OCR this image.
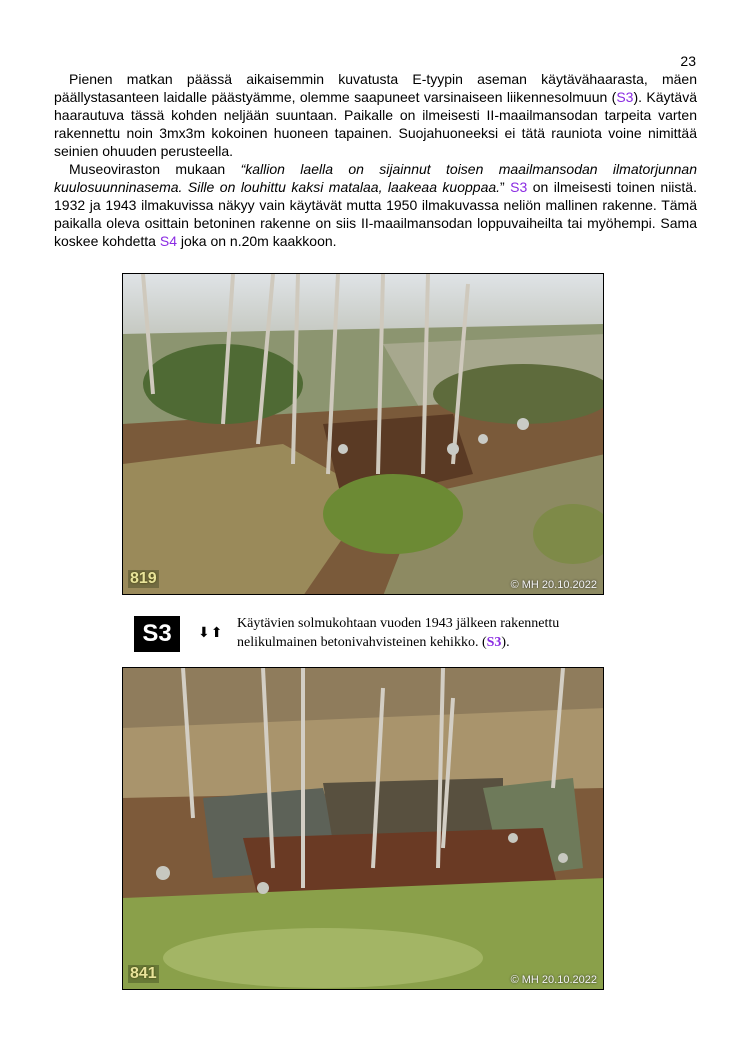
23

Pienen matkan päässä aikaisemmin kuvatusta E-tyypin aseman käytävähaarasta, mäen päällystasanteen laidalle päästyämme, olemme saapuneet varsinaiseen liikennesolmuun (S3). Käytävä haarautuva tässä kohden neljään suuntaan. Paikalle on ilmeisesti II-maailmansodan tarpeita varten rakennettu noin 3mx3m kokoinen huoneen tapainen. Suojahuoneeksi ei tätä rauniota voine nimittää seinien ohuuden perusteella.

Museoviraston mukaan “kallion laella on sijainnut toisen maailmansodan ilmatorjunnan kuulosuunninasema. Sille on louhittu kaksi matalaa, laakeaa kuoppaa.” S3 on ilmeisesti toinen niistä. 1932 ja 1943 ilmakuvissa näkyy vain käytävät mutta 1950 ilmakuvassa neliön mallinen rakenne. Tämä paikalla oleva osittain betoninen rakenne on siis II-maailmansodan loppuvaiheilta tai myöhempi. Sama koskee kohdetta S4 joka on n.20m kaakkoon.

819	© MH 20.10.2022
S3	⬇⬆
Käytävien solmukohtaan vuoden 1943 jälkeen rakennettu nelikulmainen betonivahvisteinen kehikko. (S3).
841	© MH 20.10.2022
